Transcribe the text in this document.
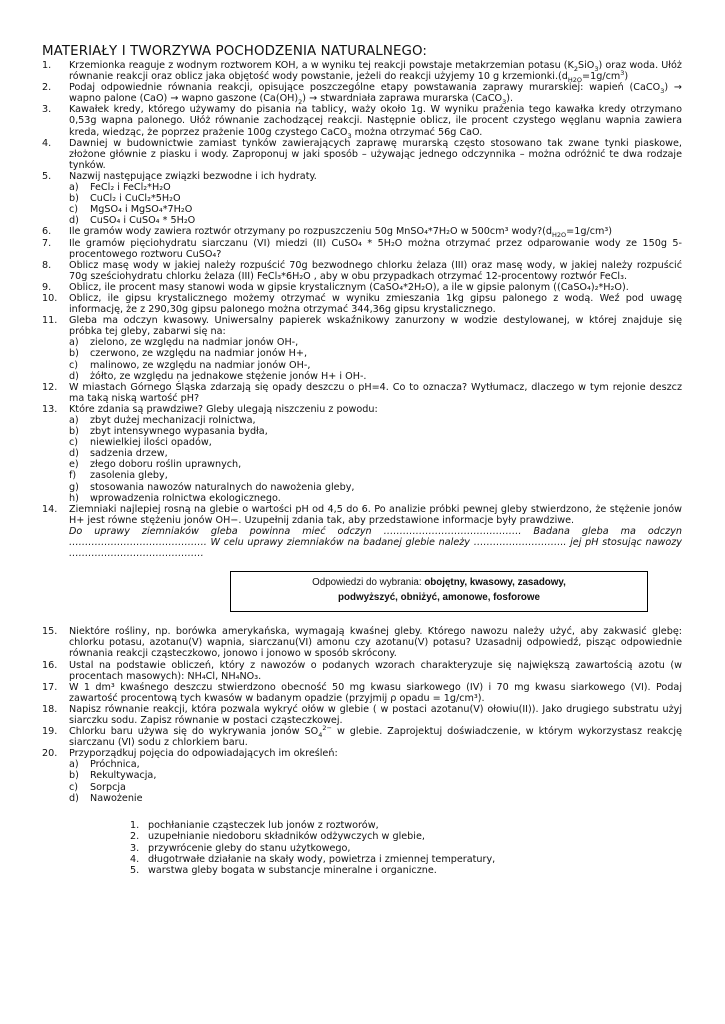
MATERIAŁY I TWORZYWA POCHODZENIA NATURALNEGO:
1.	Krzemionka reaguje z wodnym roztworem KOH, a w wyniku tej reakcji powstaje metakrzemian potasu $(K_2SiO_3)$ oraz woda. Ułóż równanie reakcji oraz oblicz jaka objętość wody powstanie, jeżeli do reakcji użyjemy 10 g $krzemionki.(d_{H2O}=1g/cm^3)$
2.	Podaj odpowiednie równania reakcji, opisujące poszczególne etapy powstawania zaprawy murarskiej: wapień (CaCO$_3$) → wapno palone (CaO) → wapno gaszone $(Ca(OH)_2)$ → stwardniała zaprawa murarska (CaCO$_3$).
3.	Kawałek kredy, którego używamy do pisania na tablicy, waży około 1g. W wyniku prażenia tego kawałka kredy otrzymano 0,53g wapna palonego. Ułóż równanie zachodzącej reakcji. Następnie oblicz, ile procent czystego węglanu wapnia zawiera kreda, wiedząc, że poprzez prażenie 100g czystego CaCO$_3$ można otrzymać 56g CaO.
4.	Dawniej w budownictwie zamiast tynków zawierających zaprawę murarską często stosowano tak zwane tynki piaskowe, złożone głównie z piasku i wody. Zaproponuj w jaki sposób – używając jednego odczynnika – można odróżnić te dwa rodzaje tynków.
5.	Nazwij następujące związki bezwodne i ich hydraty.
a)	FeCl₂ i FeCl₂*H₂O
b)	CuCl₂ i CuCl₂*5H₂O
c)	MgSO₄ i MgSO₄*7H₂O
d)	CuSO₄ i CuSO₄ * 5H₂O
6.	Ile gramów wody zawiera roztwór otrzymany po rozpuszczeniu 50g MnSO₄*7H₂O w 500cm³ $wody?(d_{H2O}=1g/cm^3)$
7.	Ile gramów pięciohydratu siarczanu (VI) miedzi (II) CuSO₄ * 5H₂O można otrzymać przez odparowanie wody ze 150g 5-procentowego roztworu CuSO₄?
8.	Oblicz masę wody w jakiej należy rozpuścić 70g bezwodnego chlorku żelaza (III) oraz masę wody, w jakiej należy rozpuścić 70g sześciohydratu chlorku żelaza (III) FeCl₃*6H₂O , aby w obu przypadkach otrzymać 12-procentowy roztwór FeCl₃.
9.	Oblicz, ile procent masy stanowi woda w gipsie krystalicznym (CaSO₄*2H₂O), a ile w gipsie palonym ((CaSO₄)₂*H₂O).
10.	Oblicz, ile gipsu krystalicznego możemy otrzymać w wyniku zmieszania 1kg gipsu palonego z wodą. Weź pod uwagę informację, że z 290,30g gipsu palonego można otrzymać 344,36g gipsu krystalicznego.
11.	Gleba ma odczyn kwasowy. Uniwersalny papierek wskaźnikowy zanurzony w wodzie destylowanej, w której znajduje się próbka tej gleby, zabarwi się na:
a)	zielono, ze względu na nadmiar jonów OH-,
b)	czerwono, ze względu na nadmiar jonów H+,
c)	malinowo, ze względu na nadmiar jonów OH-,
d)	żółto, ze względu na jednakowe stężenie jonów H+ i OH-.
12.	W miastach Górnego Śląska zdarzają się opady deszczu o pH=4. Co to oznacza? Wytłumacz, dlaczego w tym rejonie deszcz ma taką niską wartość pH?
13.	Które zdania są prawdziwe? Gleby ulegają niszczeniu z powodu:
a)	zbyt dużej mechanizacji rolnictwa,
b)	zbyt intensywnego wypasania bydła,
c)	niewielkiej ilości opadów,
d)	sadzenia drzew,
e)	złego doboru roślin uprawnych,
f)	zasolenia gleby,
g)	stosowania nawozów naturalnych do nawożenia gleby,
h)	wprowadzenia rolnictwa ekologicznego.
14.	Ziemniaki najlepiej rosną na glebie o wartości pH od 4,5 do 6. Po analizie próbki pewnej gleby stwierdzono, że stężenie jonów H+ jest równe stężeniu jonów OH−. Uzupełnij zdania tak, aby przedstawione informacje były prawdziwe.
Do uprawy ziemniaków gleba powinna mieć odczyn ……………………………………. Badana gleba ma odczyn ……………………………………. W celu uprawy ziemniaków na badanej glebie należy ……………………….. jej pH stosując nawozy ……………………………………
Odpowiedzi do wybrania: obojętny, kwasowy, zasadowy,
podwyższyć, obniżyć, amonowe, fosforowe
15.	Niektóre rośliny, np. borówka amerykańska, wymagają kwaśnej gleby. Którego nawozu należy użyć, aby zakwasić glebę: chlorku potasu, azotanu(V) wapnia, siarczanu(VI) amonu czy azotanu(V) potasu? Uzasadnij odpowiedź, pisząc odpowiednie równania reakcji cząsteczkowo, jonowo i jonowo w sposób skrócony.
16.	Ustal na podstawie obliczeń, który z nawozów o podanych wzorach charakteryzuje się największą zawartością azotu (w procentach masowych): NH₄Cl, NH₄NO₃.
17.	W 1 dm³ kwaśnego deszczu stwierdzono obecność 50 mg kwasu siarkowego (IV) i 70 mg kwasu siarkowego (VI). Podaj zawartość procentową tych kwasów w badanym opadzie (przyjmij ρ opadu = 1g/cm³).
18.	Napisz równanie reakcji, która pozwala wykryć ołów w glebie ( w postaci azotanu(V) ołowiu(II)). Jako drugiego substratu użyj siarczku sodu. Zapisz równanie w postaci cząsteczkowej.
19.	Chlorku baru używa się do wykrywania jonów $SO_4^{2-}$ w glebie. Zaprojektuj doświadczenie, w którym wykorzystasz reakcję siarczanu (VI) sodu z chlorkiem baru.
20.	Przyporządkuj pojęcia do odpowiadających im określeń:
a)	Próchnica,
b)	Rekultywacja,
c)	Sorpcja
d)	Nawożenie
1. pochłanianie cząsteczek lub jonów z roztworów,
2. uzupełnianie niedoboru składników odżywczych w glebie,
3. przywrócenie gleby do stanu użytkowego,
4. długotrwałe działanie na skały wody, powietrza i zmiennej temperatury,
5. warstwa gleby bogata w substancje mineralne i organiczne.
